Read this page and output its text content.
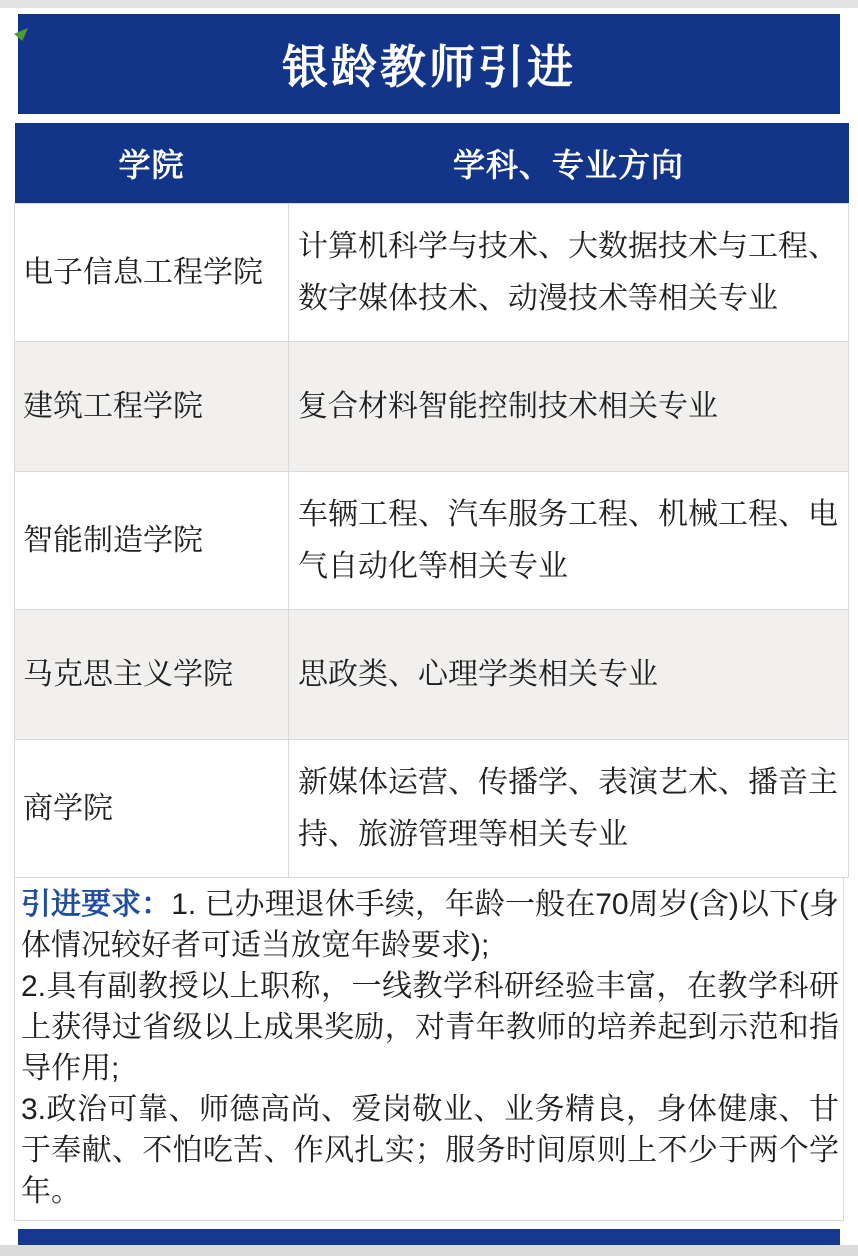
银龄教师引进
学院	学科、专业方向
电子信息工程学院	计算机科学与技术、大数据技术与工程、数字媒体技术、动漫技术等相关专业
建筑工程学院	复合材料智能控制技术相关专业
智能制造学院	车辆工程、汽车服务工程、机械工程、电气自动化等相关专业
马克思主义学院	思政类、心理学类相关专业
商学院	新媒体运营、传播学、表演艺术、播音主持、旅游管理等相关专业

引进要求：1. 已办理退休手续，年龄一般在70周岁(含)以下(身体情况较好者可适当放宽年龄要求);

2.具有副教授以上职称，一线教学科研经验丰富，在教学科研上获得过省级以上成果奖励，对青年教师的培养起到示范和指导作用;

3.政治可靠、师德高尚、爱岗敬业、业务精良，身体健康、甘于奉献、不怕吃苦、作风扎实；服务时间原则上不少于两个学年。
